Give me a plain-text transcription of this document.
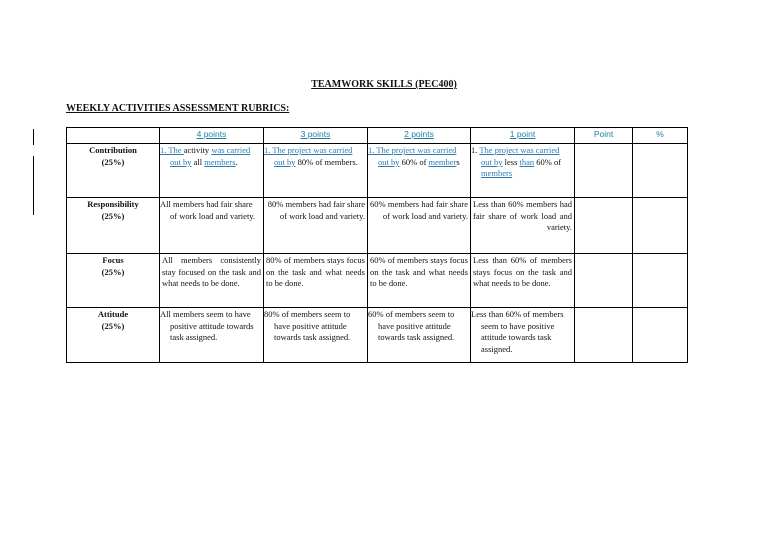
TEAMWORK SKILLS (PEC400)
WEEKLY ACTIVITIES ASSESSMENT RUBRICS:
	4 points	3 points	2 points	1 point	Point	%

Contribution
(25%)	1. The activity was carried out by all members.	1. The project was carried out by 80% of members.	1. The project was carried out by 60% of members	1. The project was carried out by less than 60% of members		

Responsibility
(25%)	All members had fair share of work load and variety.	80% members had fair share of work load and variety.	60% members had fair share of work load and variety.	Less than 60% members had fair share of work load and variety.		

Focus
(25%)	All members consistently stay focused on the task and what needs to be done.	80% of members stays focus on the task and what needs to be done.	60% of members stays focus on the task and what needs to be done.	Less than 60% of members stays focus on the task and what needs to be done.		

Attitude
(25%)	All members seem to have positive attitude towards task assigned.	80% of members seem to have positive attitude towards task assigned.	60% of members seem to have positive attitude towards task assigned.	Less than 60% of members seem to have positive attitude towards task assigned.		
